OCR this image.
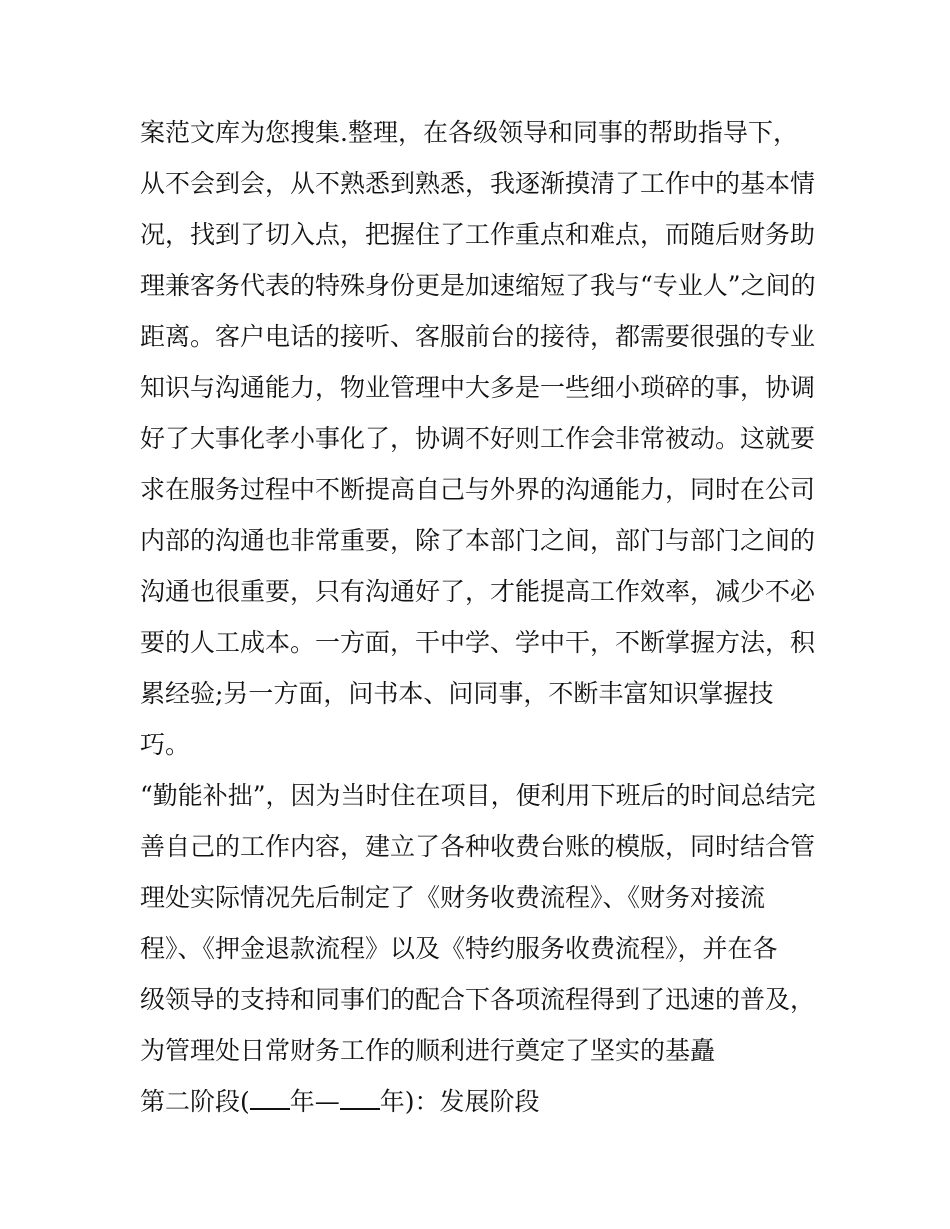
案范文库为您搜集.整理，在各级领导和同事的帮助指导下，
从不会到会，从不熟悉到熟悉，我逐渐摸清了工作中的基本情
况，找到了切入点，把握住了工作重点和难点，而随后财务助
理兼客务代表的特殊身份更是加速缩短了我与“专业人”之间的
距离。客户电话的接听、客服前台的接待，都需要很强的专业
知识与沟通能力，物业管理中大多是一些细小琐碎的事，协调
好了大事化孝小事化了，协调不好则工作会非常被动。这就要
求在服务过程中不断提高自己与外界的沟通能力，同时在公司
内部的沟通也非常重要，除了本部门之间，部门与部门之间的
沟通也很重要，只有沟通好了，才能提高工作效率，减少不必
要的人工成本。一方面，干中学、学中干，不断掌握方法，积
累经验;另一方面，问书本、问同事，不断丰富知识掌握技
巧。
“勤能补拙”，因为当时住在项目，便利用下班后的时间总结完
善自己的工作内容，建立了各种收费台账的模版，同时结合管
理处实际情况先后制定了《财务收费流程》、《财务对接流
程》、《押金退款流程》以及《特约服务收费流程》，并在各
级领导的支持和同事们的配合下各项流程得到了迅速的普及，
为管理处日常财务工作的顺利进行奠定了坚实的基矗
第二阶段( 年— 年)：发展阶段
